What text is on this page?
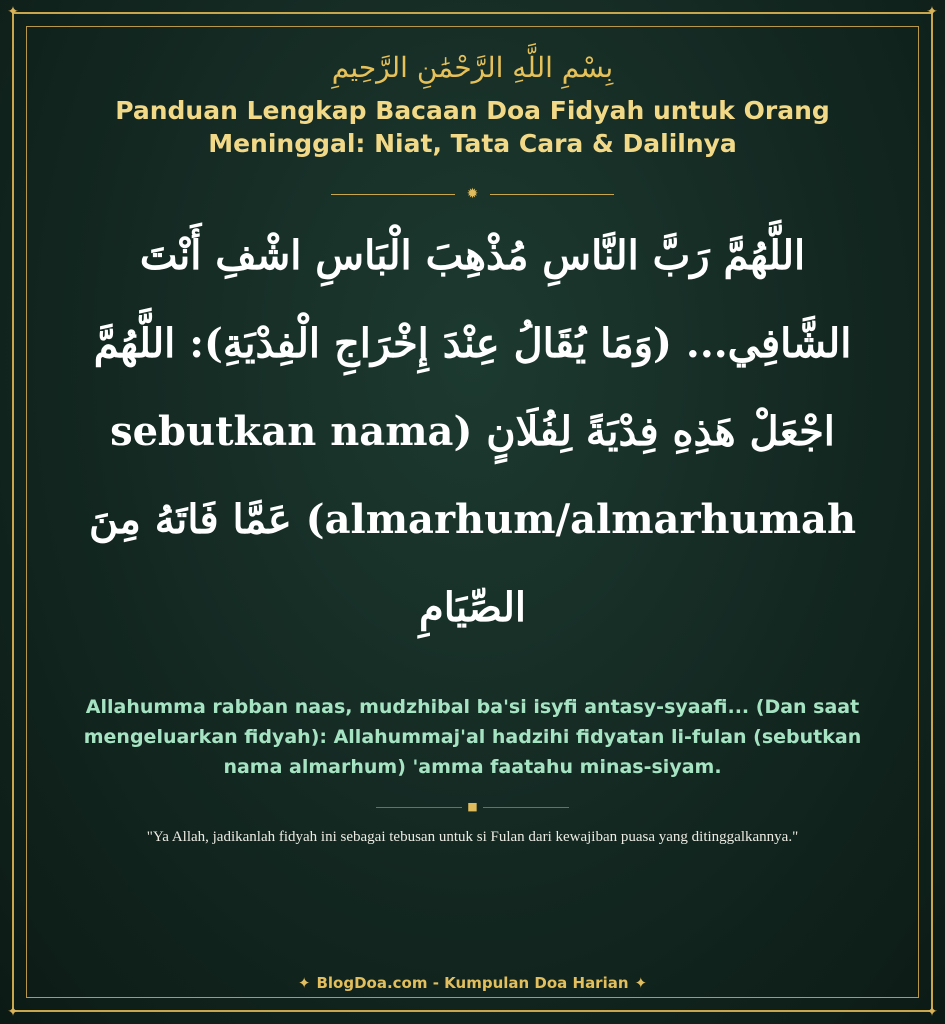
✦	✦
✦	✦
بِسْمِ اللَّهِ الرَّحْمَٰنِ الرَّحِيمِ
Panduan Lengkap Bacaan Doa Fidyah untuk Orang Meninggal: Niat, Tata Cara & Dalilnya
✹
اللَّهُمَّ رَبَّ النَّاسِ مُذْهِبَ الْبَاسِ اشْفِ أَنْتَ الشَّافِي... (وَمَا يُقَالُ عِنْدَ إِخْرَاجِ الْفِدْيَةِ): اللَّهُمَّ اجْعَلْ هَذِهِ فِدْيَةً لِفُلَانٍ (sebutkan nama almarhum/almarhumah) عَمَّا فَاتَهُ مِنَ الصِّيَامِ
Allahumma rabban naas, mudzhibal ba'si isyfi antasy-syaafi... (Dan saat mengeluarkan fidyah): Allahummaj'al hadzihi fidyatan li-fulan (sebutkan nama almarhum) 'amma faatahu minas-siyam.
■
"Ya Allah, jadikanlah fidyah ini sebagai tebusan untuk si Fulan dari kewajiban puasa yang ditinggalkannya."
✦ BlogDoa.com - Kumpulan Doa Harian ✦
